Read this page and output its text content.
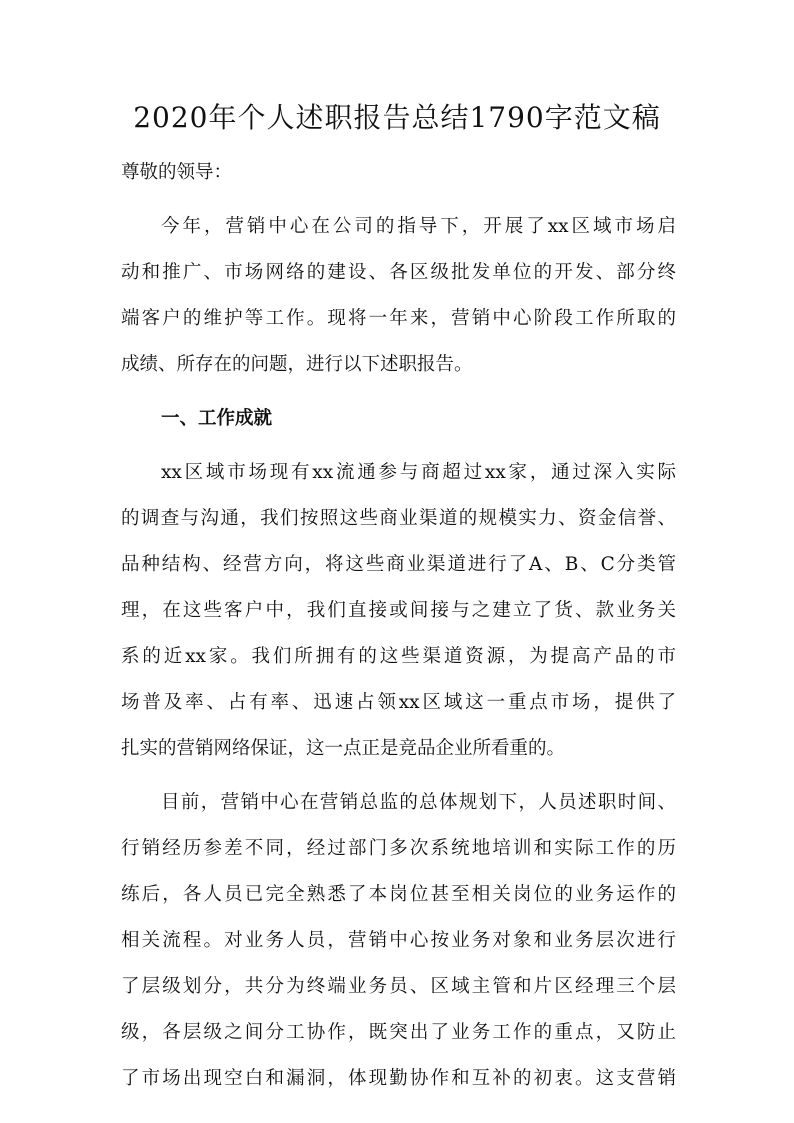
2020年个人述职报告总结1790字范文稿
尊敬的领导：
今年，营销中心在公司的指导下，开展了xx区域市场启
动和推广、市场网络的建设、各区级批发单位的开发、部分终
端客户的维护等工作。现将一年来，营销中心阶段工作所取的
成绩、所存在的问题，进行以下述职报告。
一、工作成就
xx区域市场现有xx流通参与商超过xx家，通过深入实际
的调查与沟通，我们按照这些商业渠道的规模实力、资金信誉、
品种结构、经营方向，将这些商业渠道进行了A、B、C分类管
理，在这些客户中，我们直接或间接与之建立了货、款业务关
系的近xx家。我们所拥有的这些渠道资源，为提高产品的市
场普及率、占有率、迅速占领xx区域这一重点市场，提供了
扎实的营销网络保证，这一点正是竞品企业所看重的。
目前，营销中心在营销总监的总体规划下，人员述职时间、
行销经历参差不同，经过部门多次系统地培训和实际工作的历
练后，各人员已完全熟悉了本岗位甚至相关岗位的业务运作的
相关流程。对业务人员，营销中心按业务对象和业务层次进行
了层级划分，共分为终端业务员、区域主管和片区经理三个层
级，各层级之间分工协作，既突出了业务工作的重点，又防止
了市场出现空白和漏洞，体现勤协作和互补的初衷。这支营销
